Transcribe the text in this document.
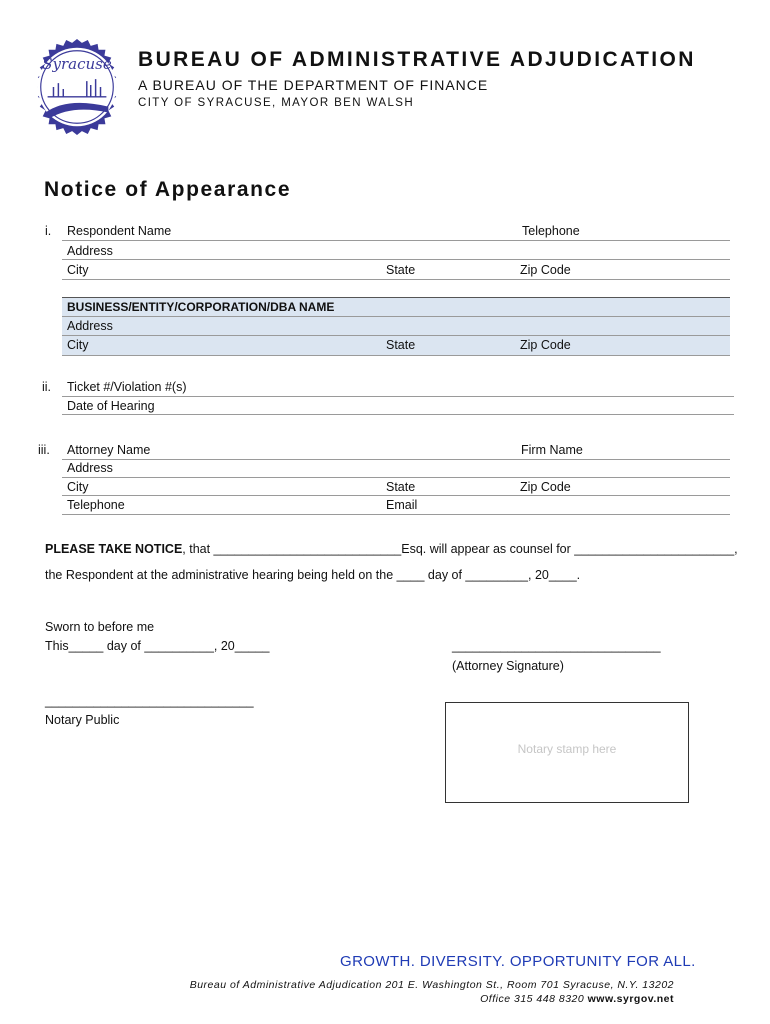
Syracuse BUREAU OF ADMINISTRATIVE ADJUDICATION
A BUREAU OF THE DEPARTMENT OF FINANCE
CITY OF SYRACUSE, MAYOR BEN WALSH
Notice of Appearance
i. Respondent Name	Telephone
Address
City	State	Zip Code
BUSINESS/ENTITY/CORPORATION/DBA NAME
Address
City	State	Zip Code
ii. Ticket #/Violation #(s)
Date of Hearing
iii. Attorney Name	Firm Name
Address
City	State	Zip Code
Telephone	Email
PLEASE TAKE NOTICE, that ___________________________Esq. will appear as counsel for _______________________,
the Respondent at the administrative hearing being held on the ____ day of _________, 20____.
Sworn to before me
This_____ day of __________, 20_____	______________________________
(Attorney Signature)
______________________________
Notary Public
Notary stamp here
GROWTH. DIVERSITY. OPPORTUNITY FOR ALL.
Bureau of Administrative Adjudication 201 E. Washington St., Room 701 Syracuse, N.Y. 13202
Office 315 448 8320 www.syrgov.net
